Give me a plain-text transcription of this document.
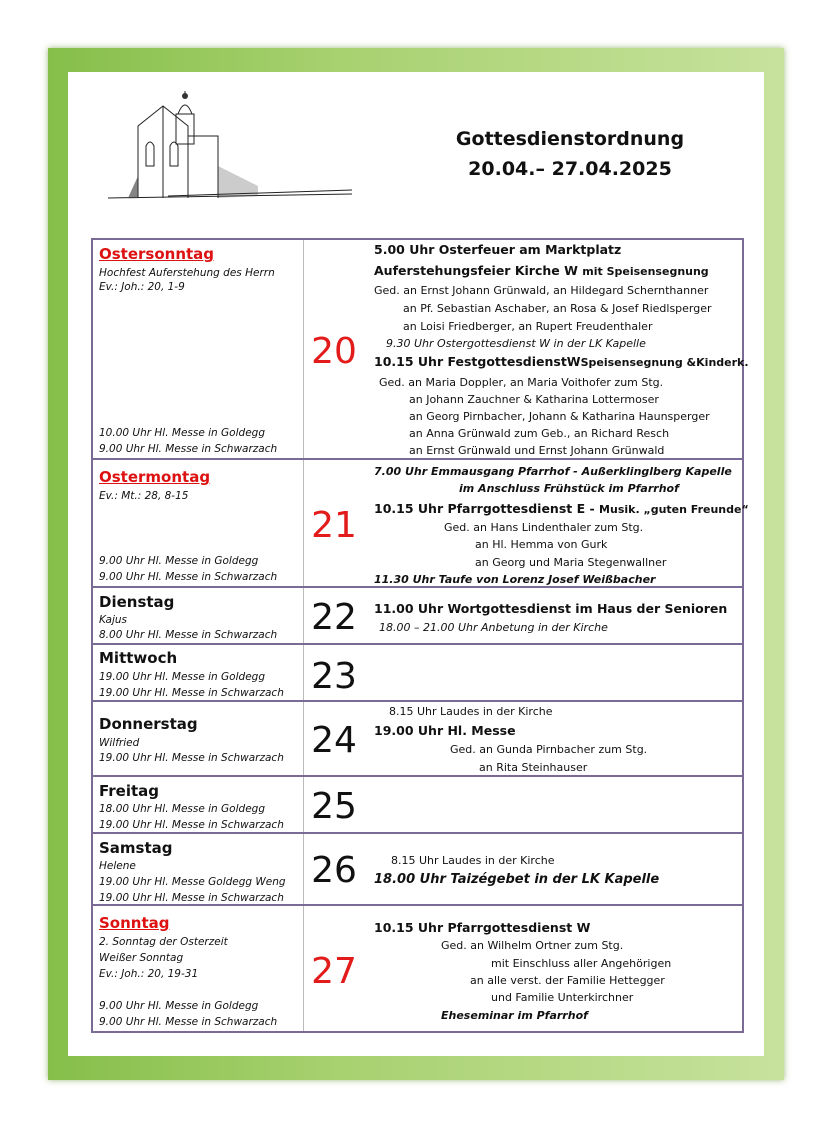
Gottesdienstordnung
20.04.– 27.04.2025
Ostersonntag
Hochfest Auferstehung des Herrn
Ev.: Joh.: 20, 1-9
10.00 Uhr Hl. Messe in Goldegg
9.00 Uhr Hl. Messe in Schwarzach
20
5.00 Uhr Osterfeuer am Marktplatz
Auferstehungsfeier Kirche W mit Speisensegnung
Ged. an Ernst Johann Grünwald, an Hildegard Schernthanner
an Pf. Sebastian Aschaber, an Rosa & Josef Riedlsperger
an Loisi Friedberger, an Rupert Freudenthaler
9.30 Uhr Ostergottesdienst W in der LK Kapelle
10.15 Uhr FestgottesdienstWSpeisensegnung &Kinderk.
Ged. an Maria Doppler, an Maria Voithofer zum Stg.
an Johann Zauchner & Katharina Lottermoser
an Georg Pirnbacher, Johann & Katharina Haunsperger
an Anna Grünwald zum Geb., an Richard Resch
an Ernst Grünwald und Ernst Johann Grünwald
Ostermontag
Ev.: Mt.: 28, 8-15
9.00 Uhr Hl. Messe in Goldegg
9.00 Uhr Hl. Messe in Schwarzach
21
7.00 Uhr Emmausgang Pfarrhof - Außerklinglberg Kapelle
im Anschluss Frühstück im Pfarrhof
10.15 Uhr Pfarrgottesdienst E - Musik. „guten Freunde“
Ged. an Hans Lindenthaler zum Stg.
an Hl. Hemma von Gurk
an Georg und Maria Stegenwallner
11.30 Uhr Taufe von Lorenz Josef Weißbacher
Dienstag
Kajus
8.00 Uhr Hl. Messe in Schwarzach 22	11.00 Uhr Wortgottesdienst im Haus der Senioren
18.00 – 21.00 Uhr Anbetung in der Kirche
Mittwoch
19.00 Uhr Hl. Messe in Goldegg
19.00 Uhr Hl. Messe in Schwarzach 23
Donnerstag
Wilfried
19.00 Uhr Hl. Messe in Schwarzach 24
8.15 Uhr Laudes in der Kirche
19.00 Uhr Hl. Messe
Ged. an Gunda Pirnbacher zum Stg.
an Rita Steinhauser
Freitag
18.00 Uhr Hl. Messe in Goldegg
19.00 Uhr Hl. Messe in Schwarzach 25
Samstag
Helene
19.00 Uhr Hl. Messe Goldegg Weng
19.00 Uhr Hl. Messe in Schwarzach
26	8.15 Uhr Laudes in der Kirche
18.00 Uhr Taizégebet in der LK Kapelle
Sonntag
2. Sonntag der Osterzeit
Weißer Sonntag
Ev.: Joh.: 20, 19-31
9.00 Uhr Hl. Messe in Goldegg
9.00 Uhr Hl. Messe in Schwarzach
27
10.15 Uhr Pfarrgottesdienst W
Ged. an Wilhelm Ortner zum Stg.
mit Einschluss aller Angehörigen
an alle verst. der Familie Hettegger
und Familie Unterkirchner
Eheseminar im Pfarrhof
